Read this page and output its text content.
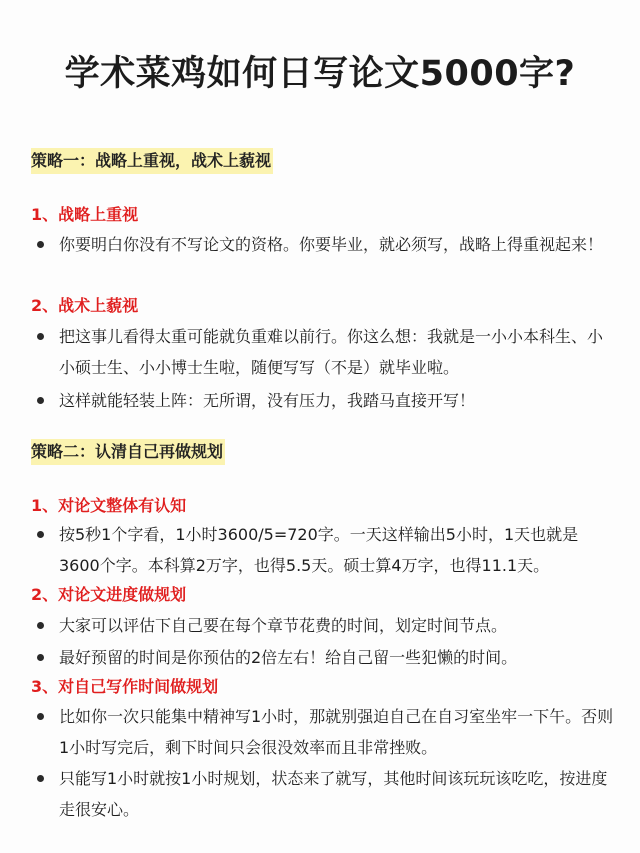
学术菜鸡如何日写论文5000字?
策略一：战略上重视，战术上藐视
1、战略上重视
你要明白你没有不写论文的资格。你要毕业，就必须写，战略上得重视起来！
2、战术上藐视
把这事儿看得太重可能就负重难以前行。你这么想：我就是一小小本科生、小小硕士生、小小博士生啦，随便写写（不是）就毕业啦。
这样就能轻装上阵：无所谓，没有压力，我踏马直接开写！
策略二：认清自己再做规划
1、对论文整体有认知
按5秒1个字看，1小时3600/5=720字。一天这样输出5小时，1天也就是3600个字。本科算2万字，也得5.5天。硕士算4万字，也得11.1天。
2、对论文进度做规划
大家可以评估下自己要在每个章节花费的时间，划定时间节点。
最好预留的时间是你预估的2倍左右！给自己留一些犯懒的时间。
3、对自己写作时间做规划
比如你一次只能集中精神写1小时，那就别强迫自己在自习室坐牢一下午。否则1小时写完后，剩下时间只会很没效率而且非常挫败。
只能写1小时就按1小时规划，状态来了就写，其他时间该玩玩该吃吃，按进度走很安心。
